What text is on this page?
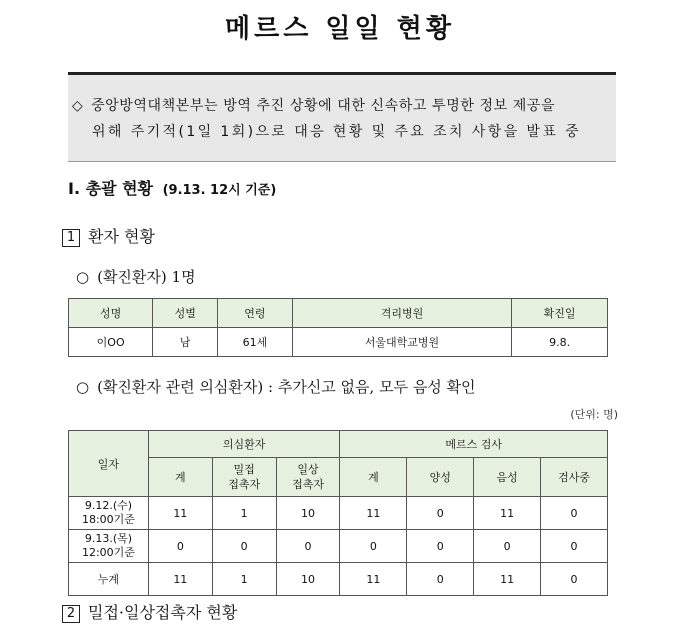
메르스 일일 현황
◇ 중앙방역대책본부는 방역 추진 상황에 대한 신속하고 투명한 정보 제공을
위해 주기적(1일 1회)으로 대응 현황 및 주요 조치 사항을 발표 중
I. 총괄 현황 (9.13. 12시 기준)
1 환자 현황
○ (확진환자) 1명
성명	성별	연령	격리병원	확진일
이OO	남	61세	서울대학교병원	9.8.
○ (확진환자 관련 의심환자) : 추가신고 없음, 모두 음성 확인
(단위: 명)
일자	의심환자			메르스 검사			
	계	밀접
접촉자	일상
접촉자	계	양성	음성	검사중
9.12.(수)
18:00기준	11	1	10	11	0	11	0
9.13.(목)
12:00기준	0	0	0	0	0	0	0
누계	11	1	10	11	0	11	0
2 밀접·일상접촉자 현황
